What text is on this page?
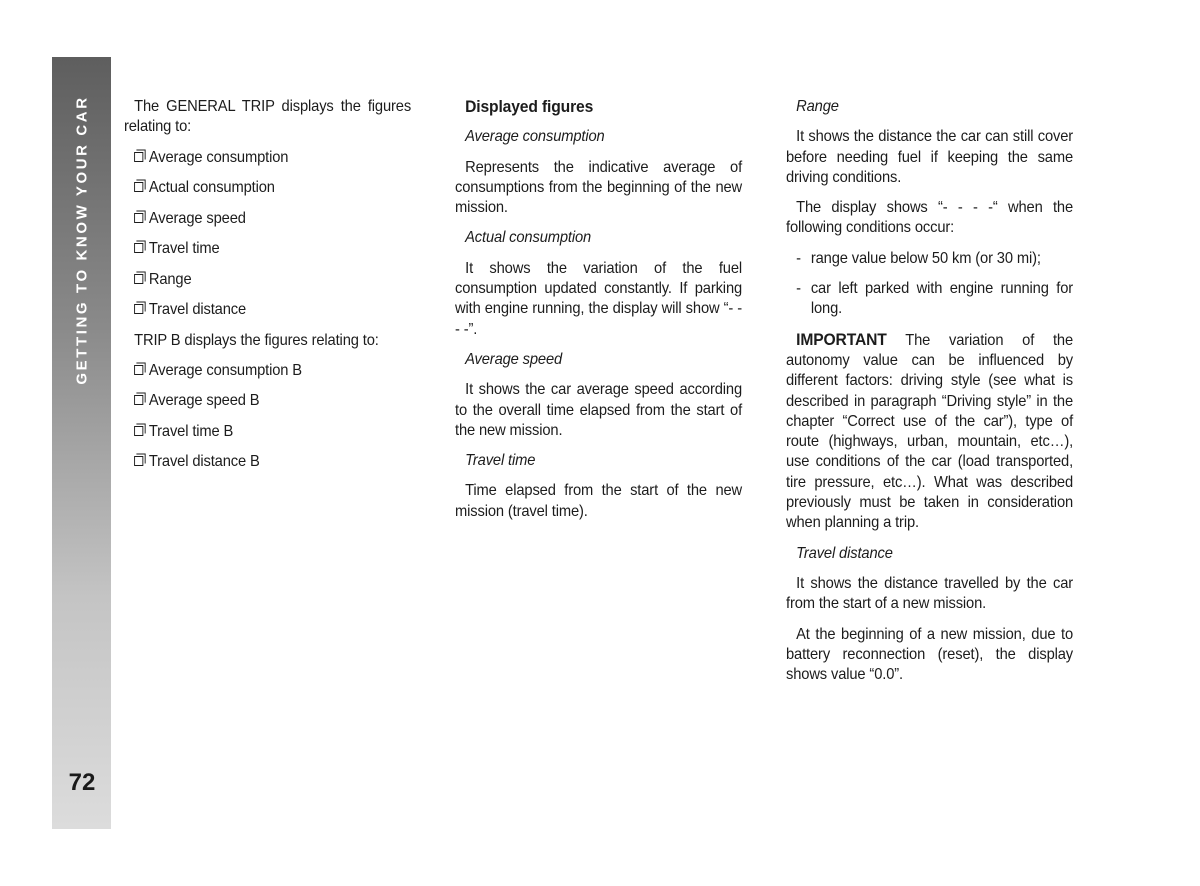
GETTING TO KNOW YOUR CAR
72

The GENERAL TRIP displays the figures relating to:

Average consumption
Actual consumption
Average speed
Travel time
Range
Travel distance

TRIP B displays the figures relating to:

Average consumption B
Average speed B
Travel time B
Travel distance B
Displayed figures
Average consumption

Represents the indicative average of consumptions from the beginning of the new mission.

Actual consumption

It shows the variation of the fuel consumption updated constantly. If parking with engine running, the display will show “- - - -”.

Average speed

It shows the car average speed according to the overall time elapsed from the start of the new mission.

Travel time

Time elapsed from the start of the new mission (travel time).

Range

It shows the distance the car can still cover before needing fuel if keeping the same driving conditions.

The display shows “- - - -“ when the following conditions occur:

- range value below 50 km (or 30 mi);
- car left parked with engine running for long.

IMPORTANT The variation of the autonomy value can be influenced by different factors: driving style (see what is described in paragraph “Driving style” in the chapter “Correct use of the car”), type of route (highways, urban, mountain, etc…), use conditions of the car (load transported, tire pressure, etc…). What was described previously must be taken in consideration when planning a trip.

Travel distance

It shows the distance travelled by the car from the start of a new mission.

At the beginning of a new mission, due to battery reconnection (reset), the display shows value “0.0”.
